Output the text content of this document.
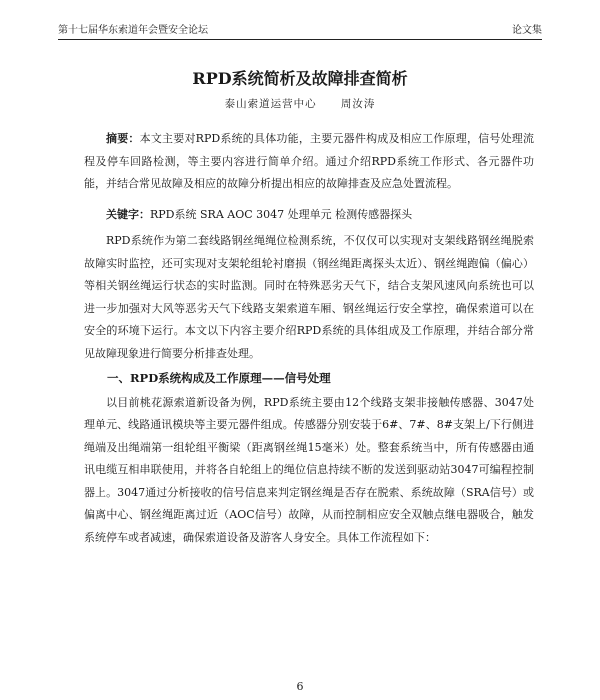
第十七届华东索道年会暨安全论坛	论文集
RPD系统简析及故障排查简析
泰山索道运营中心 周汝涛

摘要：本文主要对RPD系统的具体功能，主要元器件构成及相应工作原理，信号处理流程及停车回路检测，等主要内容进行简单介绍。通过介绍RPD系统工作形式、各元器件功能，并结合常见故障及相应的故障分析提出相应的故障排查及应急处置流程。

关键字：RPD系统 SRA AOC 3047 处理单元 检测传感器探头

RPD系统作为第二套线路钢丝绳绳位检测系统，不仅仅可以实现对支架线路钢丝绳脱索故障实时监控，还可实现对支架轮组轮衬磨损（钢丝绳距离探头太近）、钢丝绳跑偏（偏心）等相关钢丝绳运行状态的实时监测。同时在特殊恶劣天气下，结合支架风速风向系统也可以进一步加强对大风等恶劣天气下线路支架索道车厢、钢丝绳运行安全掌控，确保索道可以在安全的环境下运行。本文以下内容主要介绍RPD系统的具体组成及工作原理，并结合部分常见故障现象进行简要分析排查处理。

一、RPD系统构成及工作原理——信号处理

以目前桃花源索道新设备为例，RPD系统主要由12个线路支架非接触传感器、3047处理单元、线路通讯模块等主要元器件组成。传感器分别安装于6#、7#、8#支架上/下行侧进绳端及出绳端第一组轮组平衡梁（距离钢丝绳15毫米）处。整套系统当中，所有传感器由通讯电缆互相串联使用，并将各自轮组上的绳位信息持续不断的发送到驱动站3047可编程控制器上。3047通过分析接收的信号信息来判定钢丝绳是否存在脱索、系统故障（SRA信号）或偏离中心、钢丝绳距离过近（AOC信号）故障，从而控制相应安全双触点继电器吸合，触发系统停车或者减速，确保索道设备及游客人身安全。具体工作流程如下：

6
